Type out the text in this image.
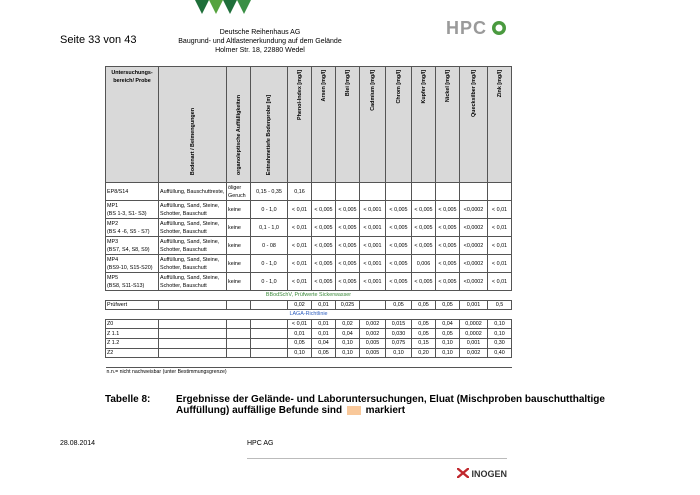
Seite 33 von 43
Deutsche Reihenhaus AG
Baugrund- und Altlastenerkundung auf dem Gelände
Holmer Str. 18, 22880 Wedel
HPC
Untersuchungs-
bereich/ Probe	Bodenart / Beimengungen	organoleptische Auffälligkeiten	Entnahmetiefe Bodenprobe [m]	Phenol-Index [mg/l]	Arsen [mg/l]	Blei [mg/l]	Cadmium [mg/l]	Chrom [mg/l]	Kupfer [mg/l]	Nickel [mg/l]	Quecksilber [mg/l]	Zink [mg/l]
EP8/S14	Auffüllung, Bauschuttreste,	öliger Geruch	0,15 - 0,35	0,16								
MP1
(BS 1-3, S1- S3)	Auffüllung, Sand, Steine, Schotter, Bauschutt	keine	0 - 1,0	< 0,01	< 0,005	< 0,005	< 0,001	< 0,005	< 0,005	< 0,005	<0,0002	< 0,01
MP2
(BS 4 -6, S5 - S7)	Auffüllung, Sand, Steine, Schotter, Bauschutt	keine	0,1 - 1,0	< 0,01	< 0,005	< 0,005	< 0,001	< 0,005	< 0,005	< 0,005	<0,0002	< 0,01
MP3
(BS7, S4, S8, S9)	Auffüllung, Sand, Steine, Schotter, Bauschutt	keine	0 - 08	< 0,01	< 0,005	< 0,005	< 0,001	< 0,005	< 0,005	< 0,005	<0,0002	< 0,01
MP4
(BS9-10, S15-S20)	Auffüllung, Sand, Steine, Schotter, Bauschutt	keine	0 - 1,0	< 0,01	< 0,005	< 0,005	< 0,001	< 0,005	0,006	< 0,005	<0,0002	< 0,01
MP5
(BS8, S11-S13)	Auffüllung, Sand, Steine, Schotter, Bauschutt	keine	0 - 1,0	< 0,01	< 0,005	< 0,005	< 0,001	< 0,005	< 0,005	< 0,005	<0,0002	< 0,01
BBodSchV, Prüfwerte Sickerwasser												
Prüfwert				0,02	0,01	0,025		0,05	0,05	0,05	0,001	0,5
LAGA-Richtlinie												
Z0				< 0,01	0,01	0,02	0,002	0,015	0,05	0,04	0,0002	0,10
Z 1.1				0,01	0,01	0,04	0,002	0,030	0,05	0,05	0,0002	0,10
Z 1.2				0,05	0,04	0,10	0,005	0,075	0,15	0,10	0,001	0,30
Z2				0,10	0,05	0,10	0,005	0,10	0,20	0,10	0,002	0,40

n.n.= nicht nachweisbar (unter Bestimmungsgrenze)												
Tabelle 8:	Ergebnisse der Gelände- und Laboruntersuchungen, Eluat (Mischproben bauschutthaltige Auffüllung) auffällige Befunde sind markiert
28.08.2014	HPC AG
INOGEN
